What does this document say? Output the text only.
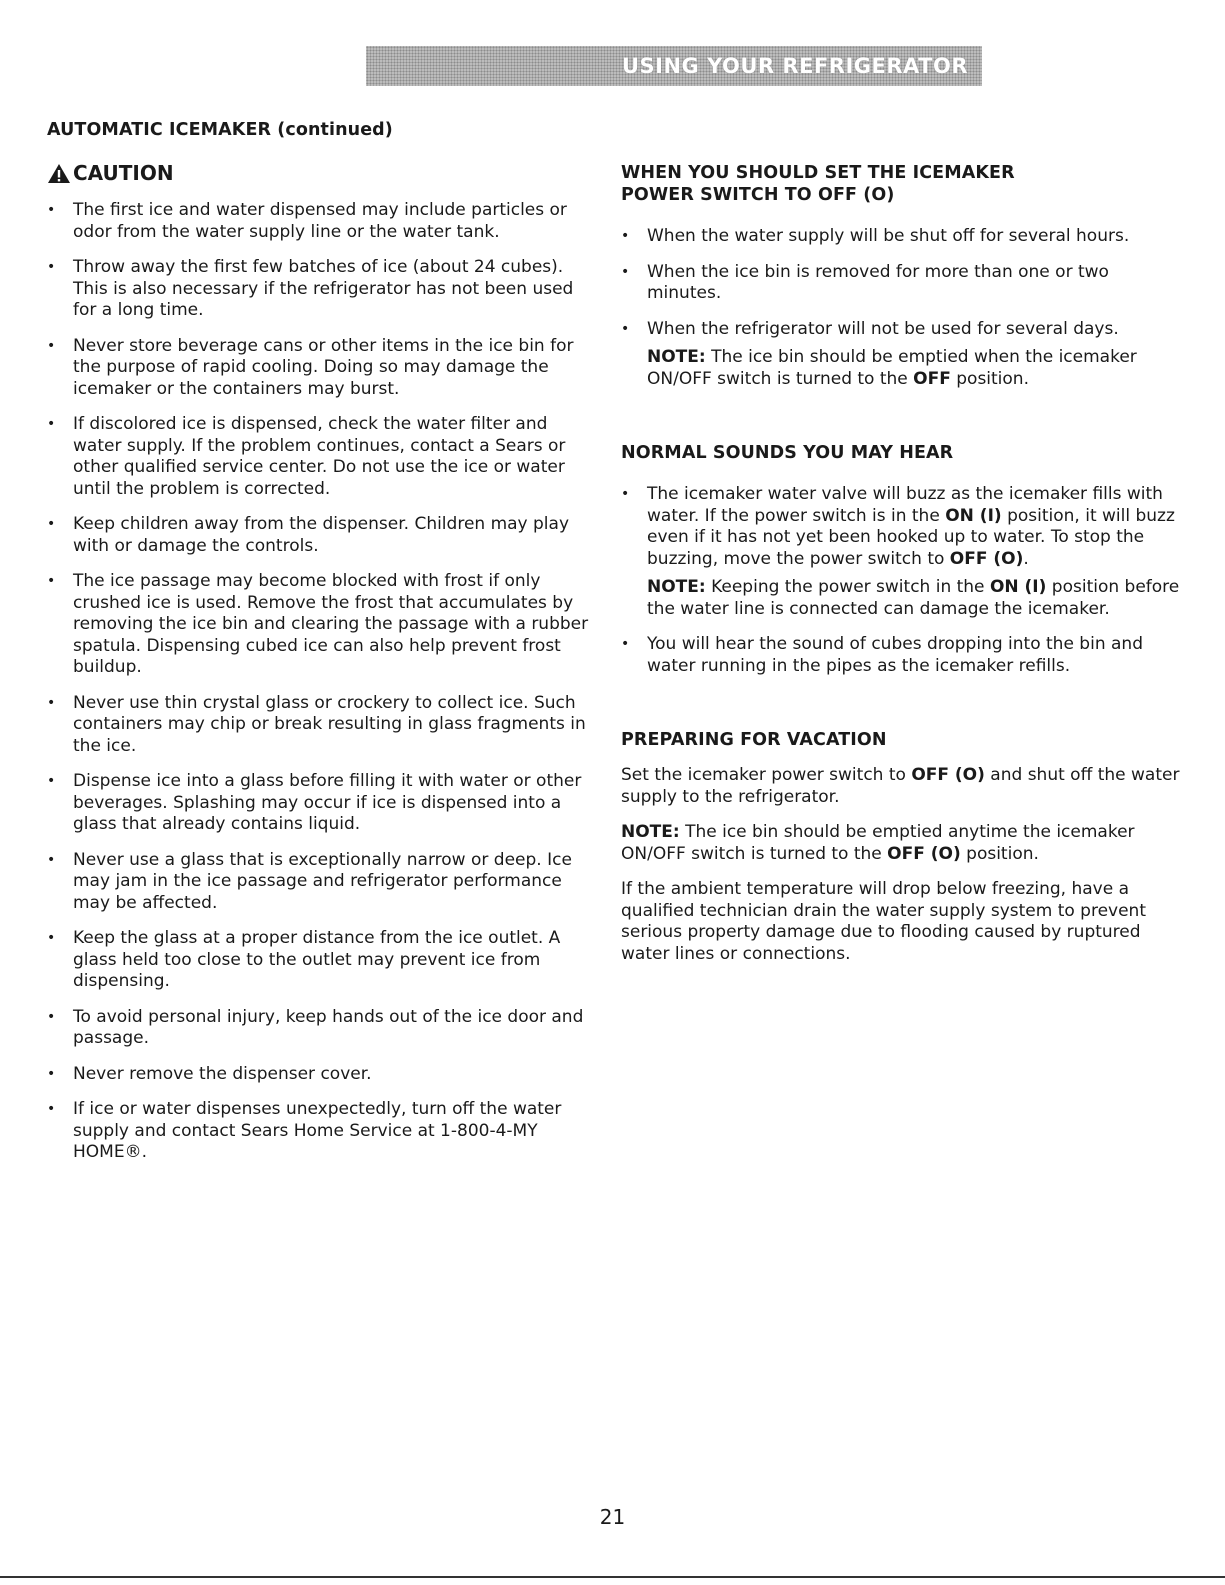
USING YOUR REFRIGERATOR
AUTOMATIC ICEMAKER (continued)
CAUTION
• The first ice and water dispensed may include particles or odor from the water supply line or the water tank.
• Throw away the first few batches of ice (about 24 cubes). This is also necessary if the refrigerator has not been used for a long time.
• Never store beverage cans or other items in the ice bin for the purpose of rapid cooling. Doing so may damage the icemaker or the containers may burst.
• If discolored ice is dispensed, check the water filter and water supply. If the problem continues, contact a Sears or other qualified service center. Do not use the ice or water until the problem is corrected.
• Keep children away from the dispenser. Children may play with or damage the controls.
• The ice passage may become blocked with frost if only crushed ice is used. Remove the frost that accumulates by removing the ice bin and clearing the passage with a rubber spatula. Dispensing cubed ice can also help prevent frost buildup.
• Never use thin crystal glass or crockery to collect ice. Such containers may chip or break resulting in glass fragments in the ice.
• Dispense ice into a glass before filling it with water or other beverages. Splashing may occur if ice is dispensed into a glass that already contains liquid.
• Never use a glass that is exceptionally narrow or deep. Ice may jam in the ice passage and refrigerator performance may be affected.
• Keep the glass at a proper distance from the ice outlet. A glass held too close to the outlet may prevent ice from dispensing.
• To avoid personal injury, keep hands out of the ice door and passage.
• Never remove the dispenser cover.
• If ice or water dispenses unexpectedly, turn off the water supply and contact Sears Home Service at 1-800-4-MY HOME®.
WHEN YOU SHOULD SET THE ICEMAKER
POWER SWITCH TO OFF (O)
• When the water supply will be shut off for several hours.
• When the ice bin is removed for more than one or two minutes.
• When the refrigerator will not be used for several days.
NOTE: The ice bin should be emptied when the icemaker ON/OFF switch is turned to the OFF position.
NORMAL SOUNDS YOU MAY HEAR
• The icemaker water valve will buzz as the icemaker fills with water. If the power switch is in the ON (I) position, it will buzz even if it has not yet been hooked up to water. To stop the buzzing, move the power switch to OFF (O).
NOTE: Keeping the power switch in the ON (I) position before the water line is connected can damage the icemaker.
• You will hear the sound of cubes dropping into the bin and water running in the pipes as the icemaker refills.
PREPARING FOR VACATION

Set the icemaker power switch to OFF (O) and shut off the water supply to the refrigerator.

NOTE: The ice bin should be emptied anytime the icemaker ON/OFF switch is turned to the OFF (O) position.

If the ambient temperature will drop below freezing, have a qualified technician drain the water supply system to prevent serious property damage due to flooding caused by ruptured water lines or connections.

21
